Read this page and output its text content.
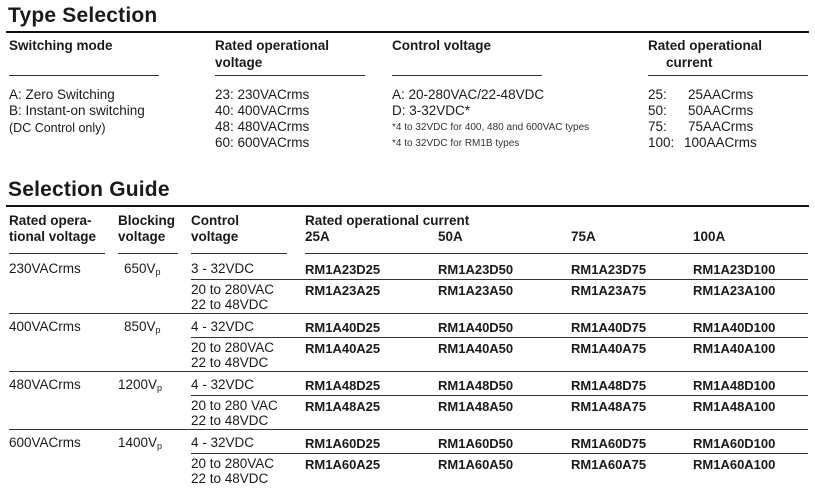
Type Selection
Switching mode
A: Zero Switching
B: Instant-on switching
(DC Control only)
Rated operational
voltage
23: 230VACrms
40: 400VACrms
48: 480VACrms
60: 600VACrms
Control voltage
A: 20-280VAC/22-48VDC
D: 3-32VDC*
*4 to 32VDC for 400, 480 and 600VAC types
*4 to 32VDC for RM1B types
Rated operational
current
25: 25AACrms
50: 50AACrms
75: 75AACrms
100: 100AACrms
Selection Guide
Rated opera-
tional voltage
Blocking
voltage
Control
voltage
Rated operational current
25A	50A	75A	100A
230VACrms	$650V_p$ 3 - 32VDC	RM1A23D25	RM1A23D50	RM1A23D75	RM1A23D100
20 to 280VAC
22 to 48VDC
RM1A23A25	RM1A23A50	RM1A23A75	RM1A23A100
400VACrms	$850V_p$ 4 - 32VDC	RM1A40D25	RM1A40D50	RM1A40D75	RM1A40D100
20 to 280VAC
22 to 48VDC
RM1A40A25	RM1A40A50	RM1A40A75	RM1A40A100
480VACrms	$1200V_p$ 4 - 32VDC	RM1A48D25	RM1A48D50	RM1A48D75	RM1A48D100
20 to 280 VAC
22 to 48VDC
RM1A48A25	RM1A48A50	RM1A48A75	RM1A48A100
600VACrms	$1400V_p$ 4 - 32VDC	RM1A60D25	RM1A60D50	RM1A60D75	RM1A60D100
20 to 280VAC
22 to 48VDC
RM1A60A25	RM1A60A50	RM1A60A75	RM1A60A100
